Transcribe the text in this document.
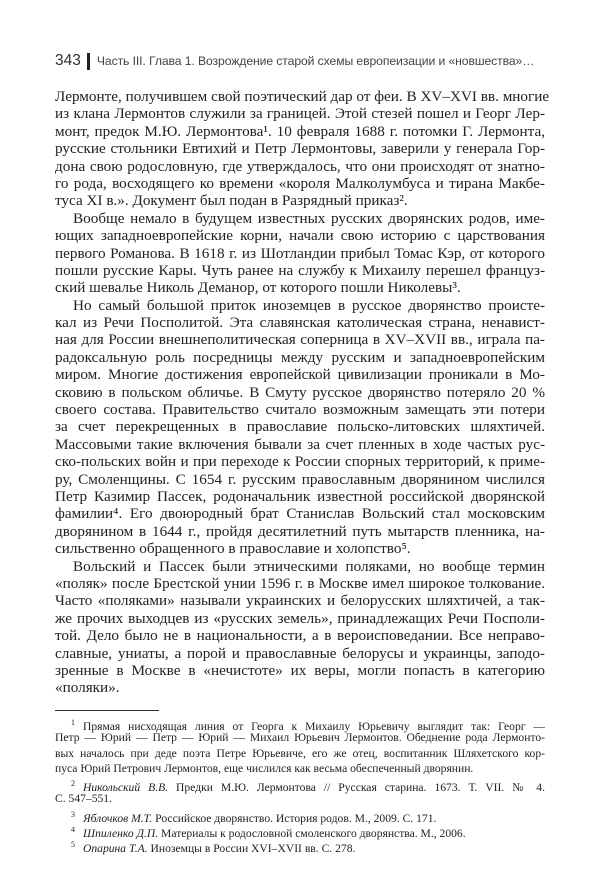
343 Часть III. Глава 1. Возрождение старой схемы европеизации и «новшества»…
Лермонте, получившем свой поэтический дар от феи. В XV–XVI вв. многие
из клана Лермонтов служили за границей. Этой стезей пошел и Георг Лер-
монт, предок М.Ю. Лермонтова¹. 10 февраля 1688 г. потомки Г. Лермонта,
русские стольники Евтихий и Петр Лермонтовы, заверили у генерала Гор-
дона свою родословную, где утверждалось, что они происходят от знатно-
го рода, восходящего ко времени «короля Малколумбуса и тирана Макбе-
туса XI в.». Документ был подан в Разрядный приказ².
Вообще немало в будущем известных русских дворянских родов, име-
ющих западноевропейские корни, начали свою историю с царствования
первого Романова. В 1618 г. из Шотландии прибыл Томас Кэр, от которого
пошли русские Кары. Чуть ранее на службу к Михаилу перешел француз-
ский шевалье Николь Деманор, от которого пошли Николевы³.
Но самый большой приток иноземцев в русское дворянство происте-
кал из Речи Посполитой. Эта славянская католическая страна, ненавист-
ная для России внешнеполитическая соперница в XV–XVII вв., играла па-
радоксальную роль посредницы между русским и западноевропейским
миром. Многие достижения европейской цивилизации проникали в Мо-
сковию в польском обличье. В Смуту русское дворянство потеряло 20 %
своего состава. Правительство считало возможным замещать эти потери
за счет перекрещенных в православие польско-литовских шляхтичей.
Массовыми такие включения бывали за счет пленных в ходе частых рус-
ско-польских войн и при переходе к России спорных территорий, к приме-
ру, Смоленщины. С 1654 г. русским православным дворянином числился
Петр Казимир Пассек, родоначальник известной российской дворянской
фамилии⁴. Его двоюродный брат Станислав Вольский стал московским
дворянином в 1644 г., пройдя десятилетний путь мытарств пленника, на-
сильственно обращенного в православие и холопство⁵.
Вольский и Пассек были этническими поляками, но вообще термин
«поляк» после Брестской унии 1596 г. в Москве имел широкое толкование.
Часто «поляками» называли украинских и белорусских шляхтичей, а так-
же прочих выходцев из «русских земель», принадлежащих Речи Посполи-
той. Дело было не в национальности, а в вероисповедании. Все неправо-
славные, униаты, а порой и православные белорусы и украинцы, заподо-
зренные в Москве в «нечистоте» их веры, могли попасть в категорию
«поляки».
$^1$ Прямая нисходящая линия от Георга к Михаилу Юрьевичу выглядит так: Георг —
Петр — Юрий — Петр — Юрий — Михаил Юрьевич Лермонтов. Обеднение рода Лермонто-
вых началось при деде поэта Петре Юрьевиче, его же отец, воспитанник Шляхетского кор-
пуса Юрий Петрович Лермонтов, еще числился как весьма обеспеченный дворянин.
$^2$ Никольский В.В. Предки М.Ю. Лермонтова // Русская старина. 1673. Т. VII. № 4.
С. 547–551.
$^3$ Яблочков М.Т. Российское дворянство. История родов. М., 2009. С. 171.
$^4$ Шпиленко Д.П. Материалы к родословной смоленского дворянства. М., 2006.
$^5$ Опарина Т.А. Иноземцы в России XVI–XVII вв. С. 278.
